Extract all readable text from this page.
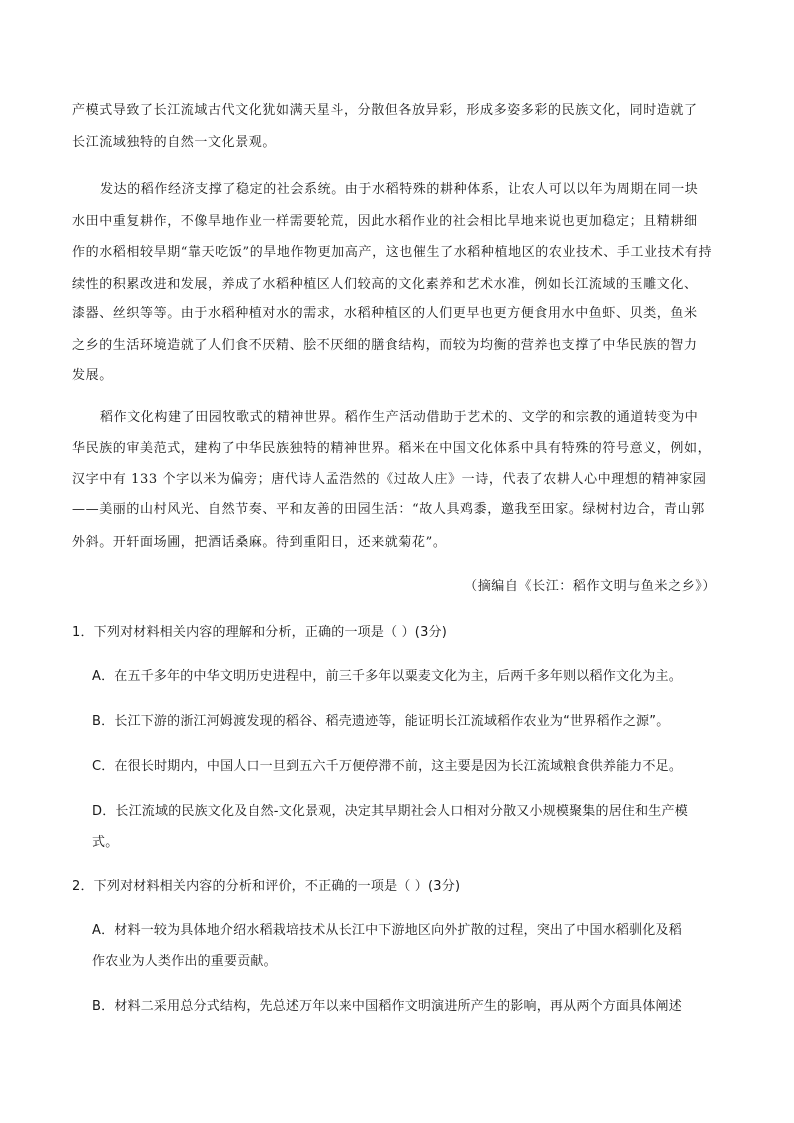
产模式导致了长江流域古代文化犹如满天星斗，分散但各放异彩，形成多姿多彩的民族文化，同时造就了
长江流域独特的自然一文化景观。
发达的稻作经济支撑了稳定的社会系统。由于水稻特殊的耕种体系，让农人可以以年为周期在同一块
水田中重复耕作，不像旱地作业一样需要轮荒，因此水稻作业的社会相比旱地来说也更加稳定；且精耕细
作的水稻相较旱期“靠天吃饭”的旱地作物更加高产，这也催生了水稻种植地区的农业技术、手工业技术有持
续性的积累改进和发展，养成了水稻种植区人们较高的文化素养和艺术水准，例如长江流域的玉雕文化、
漆器、丝织等等。由于水稻种植对水的需求，水稻种植区的人们更早也更方便食用水中鱼虾、贝类，鱼米
之乡的生活环境造就了人们食不厌精、脍不厌细的膳食结构，而较为均衡的营养也支撑了中华民族的智力
发展。
稻作文化构建了田园牧歌式的精神世界。稻作生产活动借助于艺术的、文学的和宗教的通道转变为中
华民族的审美范式，建构了中华民族独特的精神世界。稻米在中国文化体系中具有特殊的符号意义，例如，
汉字中有 133 个字以米为偏旁；唐代诗人孟浩然的《过故人庄》一诗，代表了农耕人心中理想的精神家园
——美丽的山村风光、自然节奏、平和友善的田园生活：“故人具鸡黍，邀我至田家。绿树村边合，青山郭
外斜。开轩面场圃，把酒话桑麻。待到重阳日，还来就菊花”。
（摘编自《长江：稻作文明与鱼米之乡》）
1．下列对材料相关内容的理解和分析，正确的一项是（ ）(3分)
A．在五千多年的中华文明历史进程中，前三千多年以粟麦文化为主，后两千多年则以稻作文化为主。
B．长江下游的浙江河姆渡发现的稻谷、稻壳遗迹等，能证明长江流域稻作农业为“世界稻作之源”。
C．在很长时期内，中国人口一旦到五六千万便停滞不前，这主要是因为长江流域粮食供养能力不足。
D．长江流域的民族文化及自然-文化景观，决定其早期社会人口相对分散又小规模聚集的居住和生产模
式。
2．下列对材料相关内容的分析和评价，不正确的一项是（ ）(3分)
A．材料一较为具体地介绍水稻栽培技术从长江中下游地区向外扩散的过程，突出了中国水稻驯化及稻
作农业为人类作出的重要贡献。
B．材料二采用总分式结构，先总述万年以来中国稻作文明演进所产生的影响，再从两个方面具体阐述
